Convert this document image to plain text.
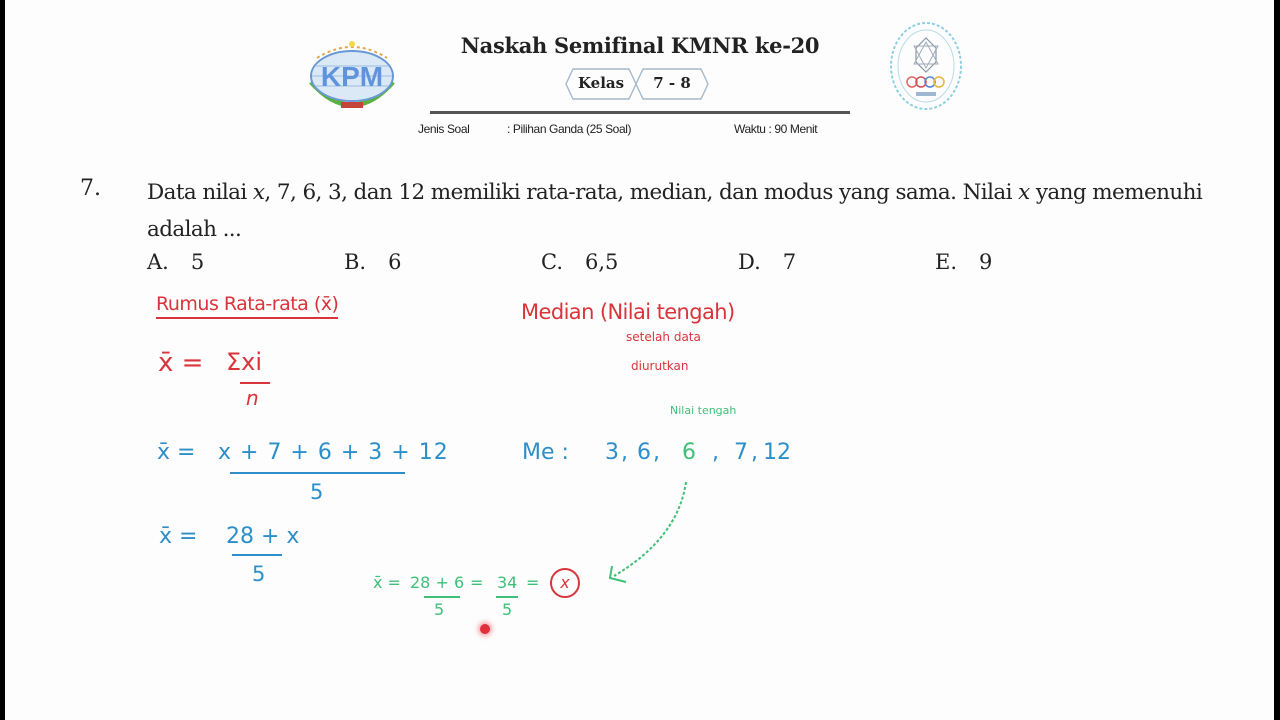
KPM
Naskah Semifinal KMNR ke-20
Kelas 7 - 8
Jenis Soal	: Pilihan Ganda (25 Soal)	Waktu : 90 Menit
7. Data nilai x, 7, 6, 3, dan 12 memiliki rata-rata, median, dan modus yang sama. Nilai x yang memenuhi adalah ...
A. 5	B. 6	C. 6,5	D. 7	E. 9
Rumus Rata-rata (x̄)
x̄ = Σxi
n
x̄ = x + 7 + 6 + 3 + 12
5
x̄ = 28 + x
5
Median (Nilai tengah)
setelah data
diurutkan
Nilai tengah
Me : 3 , 6 , 6 , 7 , 12
x̄ = 28 + 6
5
= 34
5
=	x
